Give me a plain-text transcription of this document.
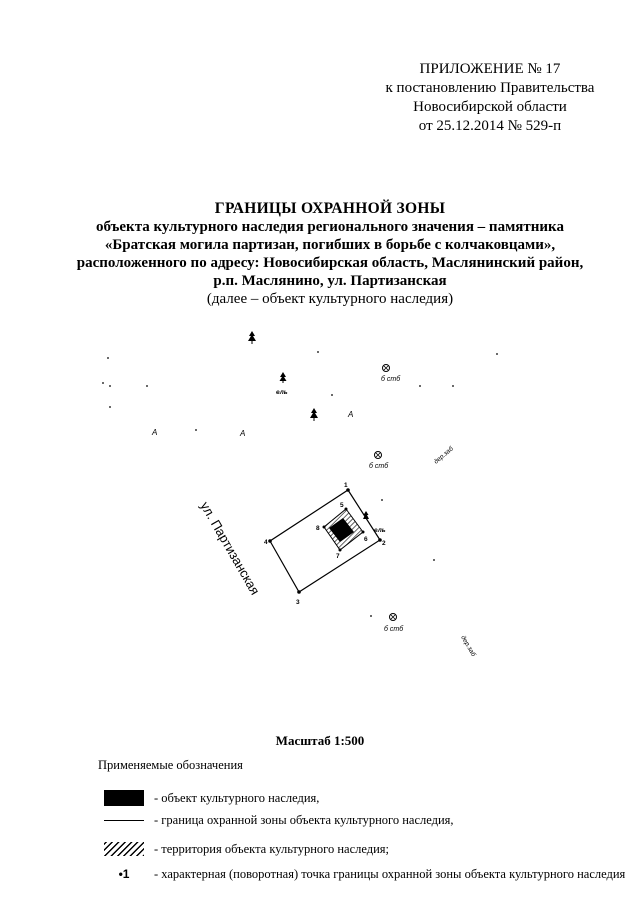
ПРИЛОЖЕНИЕ № 17
к постановлению Правительства
Новосибирской области
от 25.12.2014 № 529-п
ГРАНИЦЫ ОХРАННОЙ ЗОНЫ
объекта культурного наследия регионального значения – памятника
«Братская могила партизан, погибших в борьбе с колчаковцами»,
расположенного по адресу: Новосибирская область, Маслянинский район,
р.п. Маслянино, ул. Партизанская
(далее – объект культурного наследия)
ель
ель
б стб
б стб
б стб
дер.заб
дер.заб
А	А
А
ул. Партизанская
1
2
3
4
5
6
7
8
Масштаб 1:500
Применяемые обозначения
- объект культурного наследия,
- граница охранной зоны объекта культурного наследия,
- территория объекта культурного наследия;
•1 - характерная (поворотная) точка границы охранной зоны объекта культурного наследия
